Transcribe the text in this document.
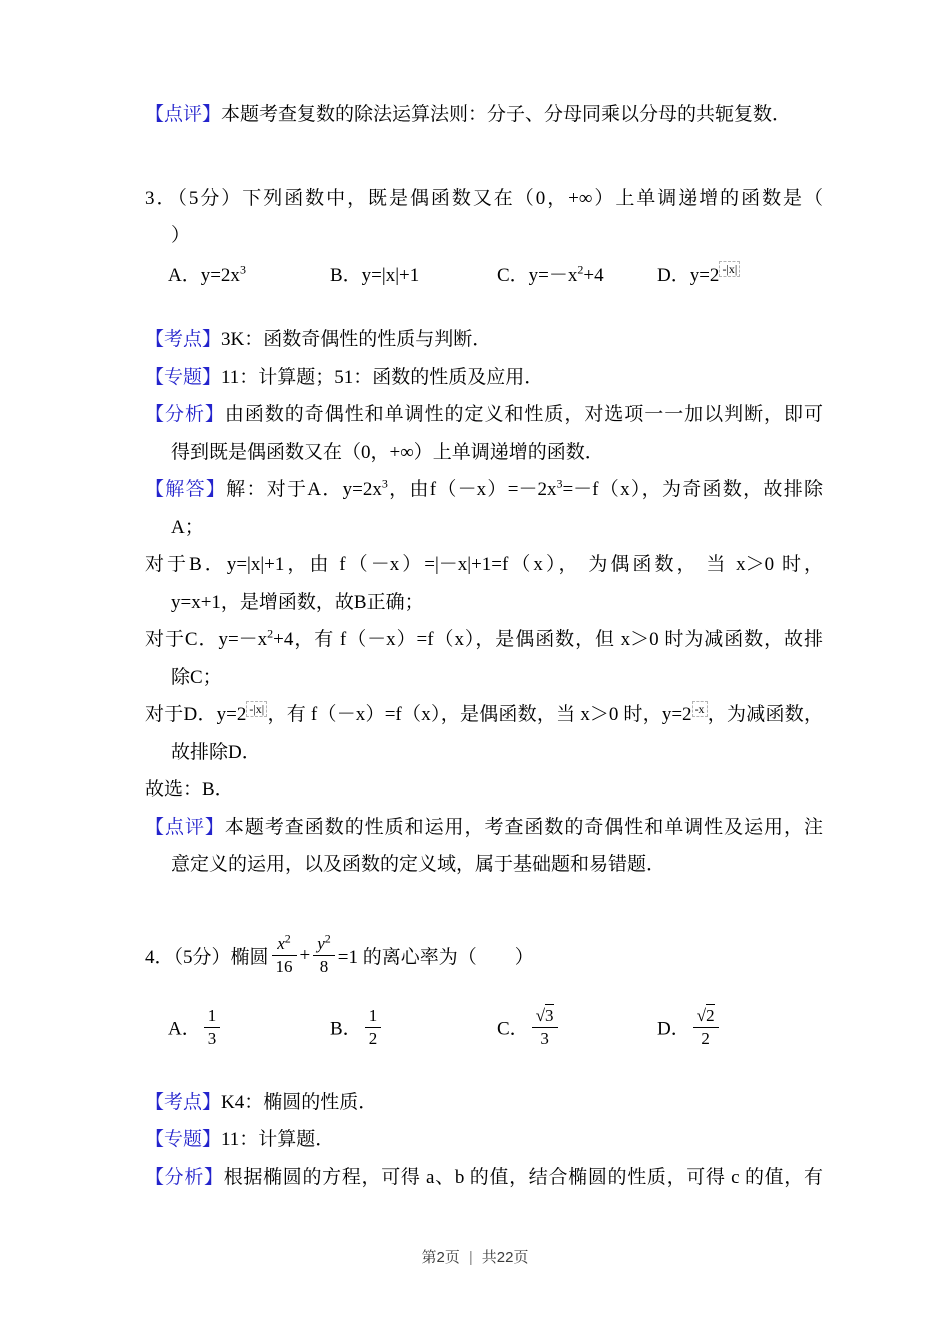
【点评】本题考查复数的除法运算法则：分子、分母同乘以分母的共轭复数．
3．（5分）下列函数中，既是偶函数又在（0，+∞）上单调递增的函数是（
）
A．$y=2x^3$	B．y=|x|+1	C．$y=-x^2+4$	D．y=2 $^{-|x|}$
【考点】3K：函数奇偶性的性质与判断．
【专题】11：计算题；51：函数的性质及应用．
【分析】由函数的奇偶性和单调性的定义和性质，对选项一一加以判断，即可
得到既是偶函数又在（0，+∞）上单调递增的函数．
【解答】解：对于A．$y=2x^3$，由$f(-x)=-2x^3=-f(x)$，为奇函数，故排除
A；
对于B．y=|x|+1，由 f（－x）=|－x|+1=f（x）， 为偶函数， 当 x＞0 时，
y=x+1，是增函数，故B正确；
对于C．$y=-x^2+4$，有 f（－x）=f（x），是偶函数，但 x＞0 时为减函数，故排
除C；
对于D．y=2 $^{-|x|}$ ，有 f（－x）=f（x），是偶函数，当 x＞0 时，y=2 $^{-x}$ ，为减函数，
故排除D．
故选：B．
【点评】本题考查函数的性质和运用，考查函数的奇偶性和单调性及运用，注
意定义的运用，以及函数的定义域，属于基础题和易错题．
4．（5分）椭圆 $\frac{x^2}{16} + \frac{y^2}{8} =1$ 的离心率为（　　）
A． $\frac{1}{3}$	B． $\frac{1}{2}$	C． $\frac{√3}{3}$	D． $\frac{√2}{2}$
【考点】K4：椭圆的性质．
【专题】11：计算题．
【分析】根据椭圆的方程，可得 a、b 的值，结合椭圆的性质，可得 c 的值，有
第2页 | 共22页
